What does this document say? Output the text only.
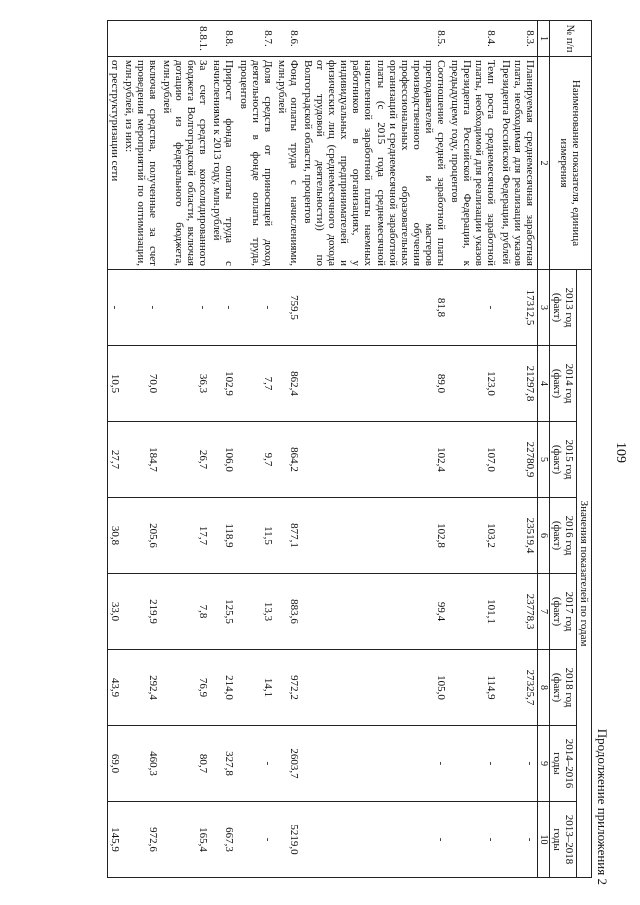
109
Продолжение приложения 2
№ п/п	Наименование показателя, единица измерения	Значения показателей по годам							
		2013 год (факт)	2014 год (факт)	2015 год (факт)	2016 год (факт)	2017 год (факт)	2018 год (факт)	2014–2016 годы	2013–2018 годы
1	2	3	4	5	6	7	8	9	10
8.3.	Планируемая среднемесячная заработная плата, необходимая для реализации указов Президента Российской Федерации, рублей	17312,5	21297,8	22780,9	23519,4	23778,3	27325,7	-	-
8.4.	Темп роста среднемесячной заработной платы, необходимой для реализации указов Президента Российской Федерации, к предыдущему году, процентов	-	123,0	107,0	103,2	101,1	114,9	-	-
8.5.	Соотношение средней заработной платы преподавателей и мастеров производственного обучения профессиональных образовательных организаций и среднемесячной заработной платы (с 2015 года среднемесячной начисленной заработной платы наемных работников в организациях, у индивидуальных предпринимателей и физических лиц (среднемесячного дохода от трудовой деятельности)) по Волгоградской области, процентов	81,8	89,0	102,4	102,8	99,4	105,0	-	-
8.6.	Фонд оплаты труда с начислениями, млн.рублей	759,5	862,4	864,2	877,1	883,6	972,2	2603,7	5219,0
8.7.	Доля средств от приносящей доход деятельности в фонде оплаты труда, процентов	-	7,7	9,7	11,5	13,3	14,1	-	-
8.8.	Прирост фонда оплаты труда с начислениями к 2013 году, млн.рублей	-	102,9	106,0	118,9	125,5	214,0	327,8	667,3
8.8.1.	За счет средств консолидированного бюджета Волгоградской области, включая дотацию из федерального бюджета, млн.рублей	-	36,3	26,7	17,7	7,8	76,9	80,7	165,4
	включая средства, полученные за счет проведения мероприятий по оптимизации, млн.рублей, из них:	-	70,0	184,7	205,6	219,9	292,4	460,3	972,6
	от реструктуризации сети	-	10,5	27,7	30,8	33,0	43,9	69,0	145,9
